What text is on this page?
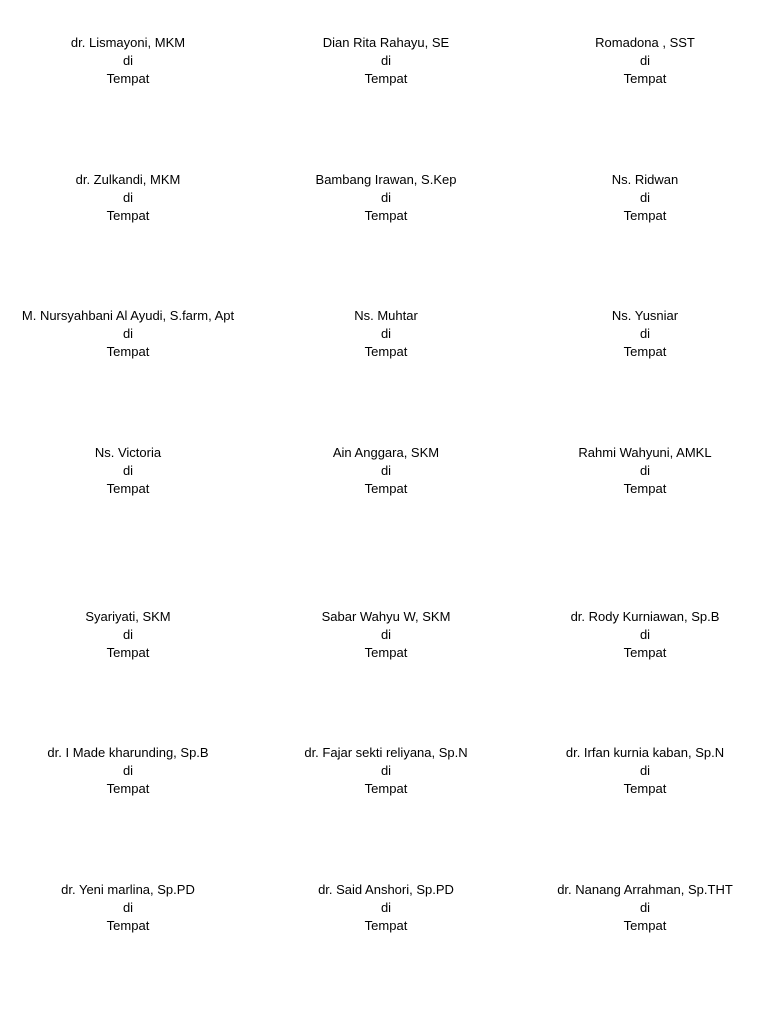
dr. Lismayoni, MKM
di
Tempat
Dian Rita Rahayu, SE
di
Tempat
Romadona , SST
di
Tempat
dr. Zulkandi, MKM
di
Tempat
Bambang Irawan, S.Kep
di
Tempat
Ns. Ridwan
di
Tempat
M. Nursyahbani Al Ayudi, S.farm, Apt
di
Tempat
Ns. Muhtar
di
Tempat
Ns. Yusniar
di
Tempat
Ns. Victoria
di
Tempat
Ain Anggara, SKM
di
Tempat
Rahmi Wahyuni, AMKL
di
Tempat
Syariyati, SKM
di
Tempat
Sabar Wahyu W, SKM
di
Tempat
dr. Rody Kurniawan, Sp.B
di
Tempat
dr. I Made kharunding, Sp.B
di
Tempat
dr. Fajar sekti reliyana, Sp.N
di
Tempat
dr. Irfan kurnia kaban, Sp.N
di
Tempat
dr. Yeni marlina, Sp.PD
di
Tempat
dr. Said Anshori, Sp.PD
di
Tempat
dr. Nanang Arrahman, Sp.THT
di
Tempat
